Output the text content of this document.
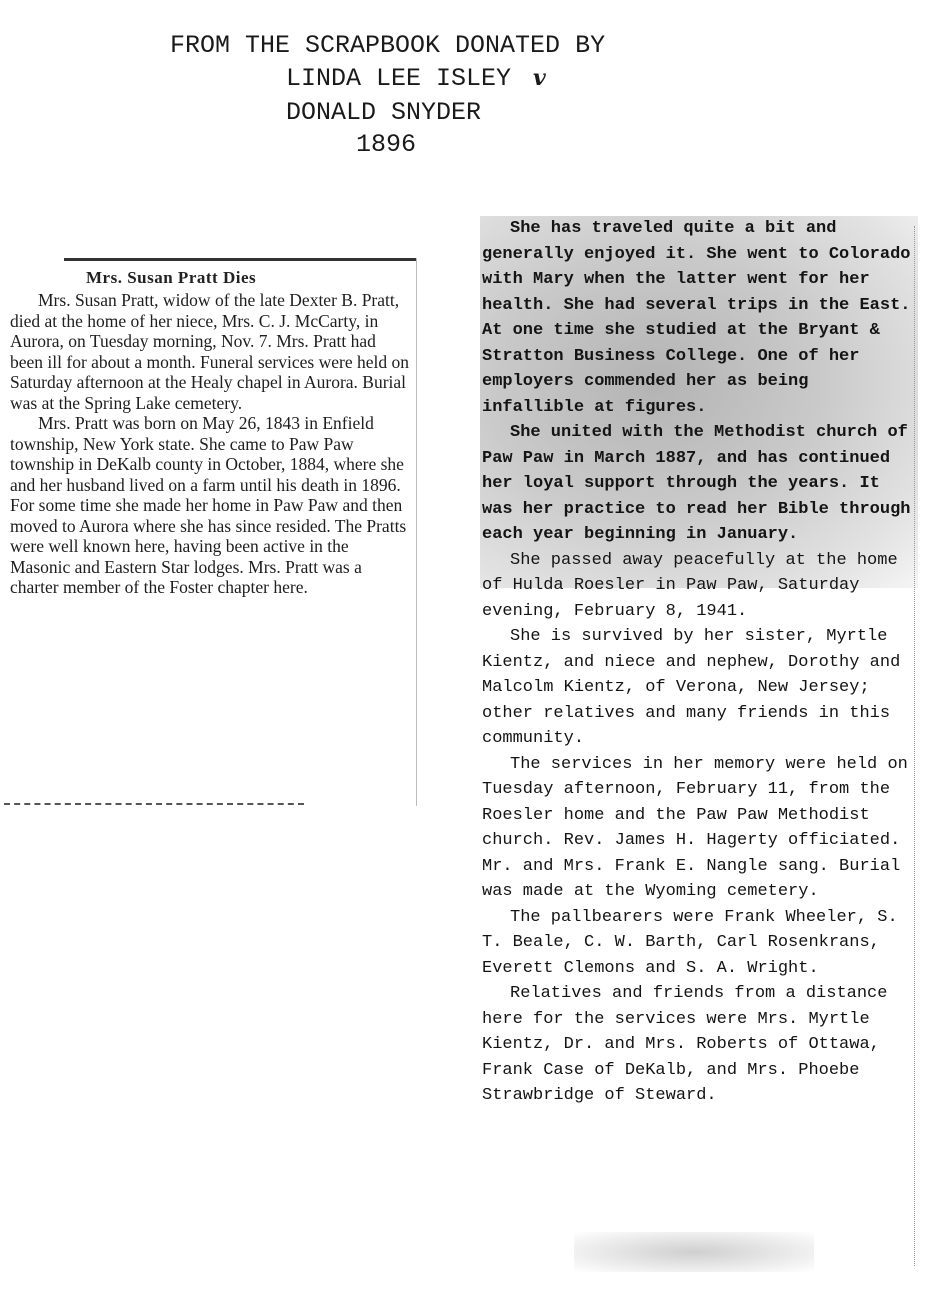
FROM THE SCRAPBOOK DONATED BY
LINDA LEE ISLEY v
DONALD SNYDER
1896
Mrs. Susan Pratt Dies

Mrs. Susan Pratt, widow of the late Dexter B. Pratt, died at the home of her niece, Mrs. C. J. McCarty, in Aurora, on Tuesday morning, Nov. 7. Mrs. Pratt had been ill for about a month. Funeral services were held on Saturday afternoon at the Healy chapel in Aurora. Burial was at the Spring Lake cemetery.

Mrs. Pratt was born on May 26, 1843 in Enfield township, New York state. She came to Paw Paw township in DeKalb county in October, 1884, where she and her husband lived on a farm until his death in 1896. For some time she made her home in Paw Paw and then moved to Aurora where she has since resided. The Pratts were well known here, having been active in the Masonic and Eastern Star lodges. Mrs. Pratt was a charter member of the Foster chapter here.

She has traveled quite a bit and generally enjoyed it. She went to Colorado with Mary when the latter went for her health. She had several trips in the East. At one time she studied at the Bryant & Stratton Business College. One of her employers commended her as being infallible at figures.

She united with the Methodist church of Paw Paw in March 1887, and has continued her loyal support through the years. It was her practice to read her Bible through each year beginning in January.

She passed away peacefully at the home of Hulda Roesler in Paw Paw, Saturday evening, February 8, 1941.

She is survived by her sister, Myrtle Kientz, and niece and nephew, Dorothy and Malcolm Kientz, of Verona, New Jersey; other relatives and many friends in this community.

The services in her memory were held on Tuesday afternoon, February 11, from the Roesler home and the Paw Paw Methodist church. Rev. James H. Hagerty officiated. Mr. and Mrs. Frank E. Nangle sang. Burial was made at the Wyoming cemetery.

The pallbearers were Frank Wheeler, S. T. Beale, C. W. Barth, Carl Rosenkrans, Everett Clemons and S. A. Wright.

Relatives and friends from a distance here for the services were Mrs. Myrtle Kientz, Dr. and Mrs. Roberts of Ottawa, Frank Case of DeKalb, and Mrs. Phoebe Strawbridge of Steward.
